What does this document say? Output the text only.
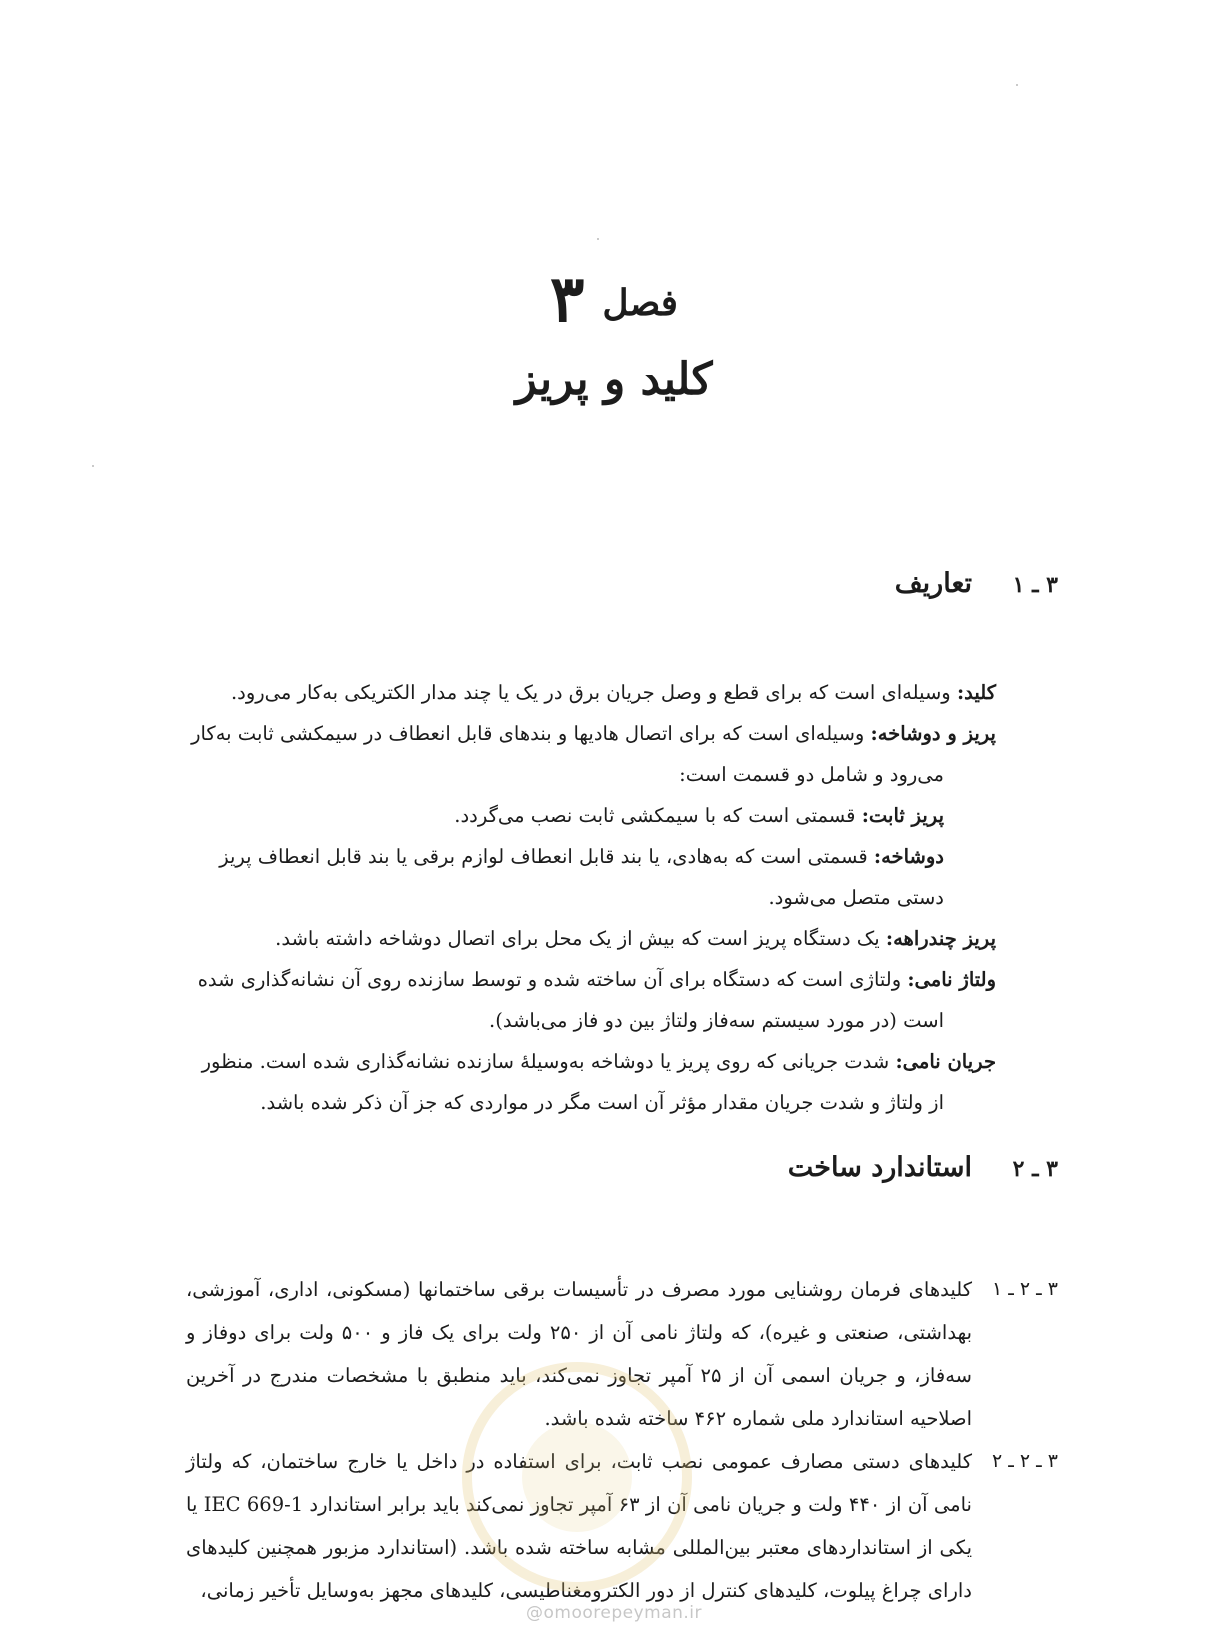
فصل۳
کلید و پریز
۳ ـ ۱تعاریف

کلید: وسیله‌ای است که برای قطع و وصل جریان برق در یک یا چند مدار الکتریکی به‌کار می‌رود.

پریز و دوشاخه: وسیله‌ای است که برای اتصال هادیها و بندهای قابل انعطاف در سیمکشی ثابت به‌کار
می‌رود و شامل دو قسمت است:

پریز ثابت: قسمتی است که با سیمکشی ثابت نصب می‌گردد.

دوشاخه: قسمتی است که به‌هادی، یا بند قابل انعطاف لوازم برقی یا بند قابل انعطاف پریز
دستی متصل می‌شود.

پریز چندراهه: یک دستگاه پریز است که بیش از یک محل برای اتصال دوشاخه داشته باشد.

ولتاژ نامی: ولتاژی است که دستگاه برای آن ساخته شده و توسط سازنده روی آن نشانه‌گذاری شده
است (در مورد سیستم سه‌فاز ولتاژ بین دو فاز می‌باشد).

جریان نامی: شدت جریانی که روی پریز یا دوشاخه به‌وسیلهٔ سازنده نشانه‌گذاری شده است. منظور
از ولتاژ و شدت جریان مقدار مؤثر آن است مگر در مواردی که جز آن ذکر شده باشد.

۳ ـ ۲استاندارد ساخت
۳ ـ ۲ ـ ۱
کلیدهای فرمان روشنایی مورد مصرف در تأسیسات برقی ساختمانها (مسکونی، اداری، آموزشی، بهداشتی، صنعتی و غیره)، که ولتاژ نامی آن از ۲۵۰ ولت برای یک فاز و ۵۰۰ ولت برای دوفاز و سه‌فاز، و جریان اسمی آن از ۲۵ آمپر تجاوز نمی‌کند، باید منطبق با مشخصات مندرج در آخرین اصلاحیه استاندارد ملی شماره ۴۶۲ ساخته شده باشد.
۳ ـ ۲ ـ ۲
کلیدهای دستی مصارف عمومی نصب ثابت، برای استفاده در داخل یا خارج ساختمان، که ولتاژ نامی آن از ۴۴۰ ولت و جریان نامی آن از ۶۳ آمپر تجاوز نمی‌کند باید برابر استاندارد IEC 669-1 یا یکی از استانداردهای معتبر بین‌المللی مشابه ساخته شده باشد. (استاندارد مزبور همچنین کلیدهای دارای چراغ پیلوت، کلیدهای کنترل از دور الکترومغناطیسی، کلیدهای مجهز به‌وسایل تأخیر زمانی،
@omoorepeyman.ir
